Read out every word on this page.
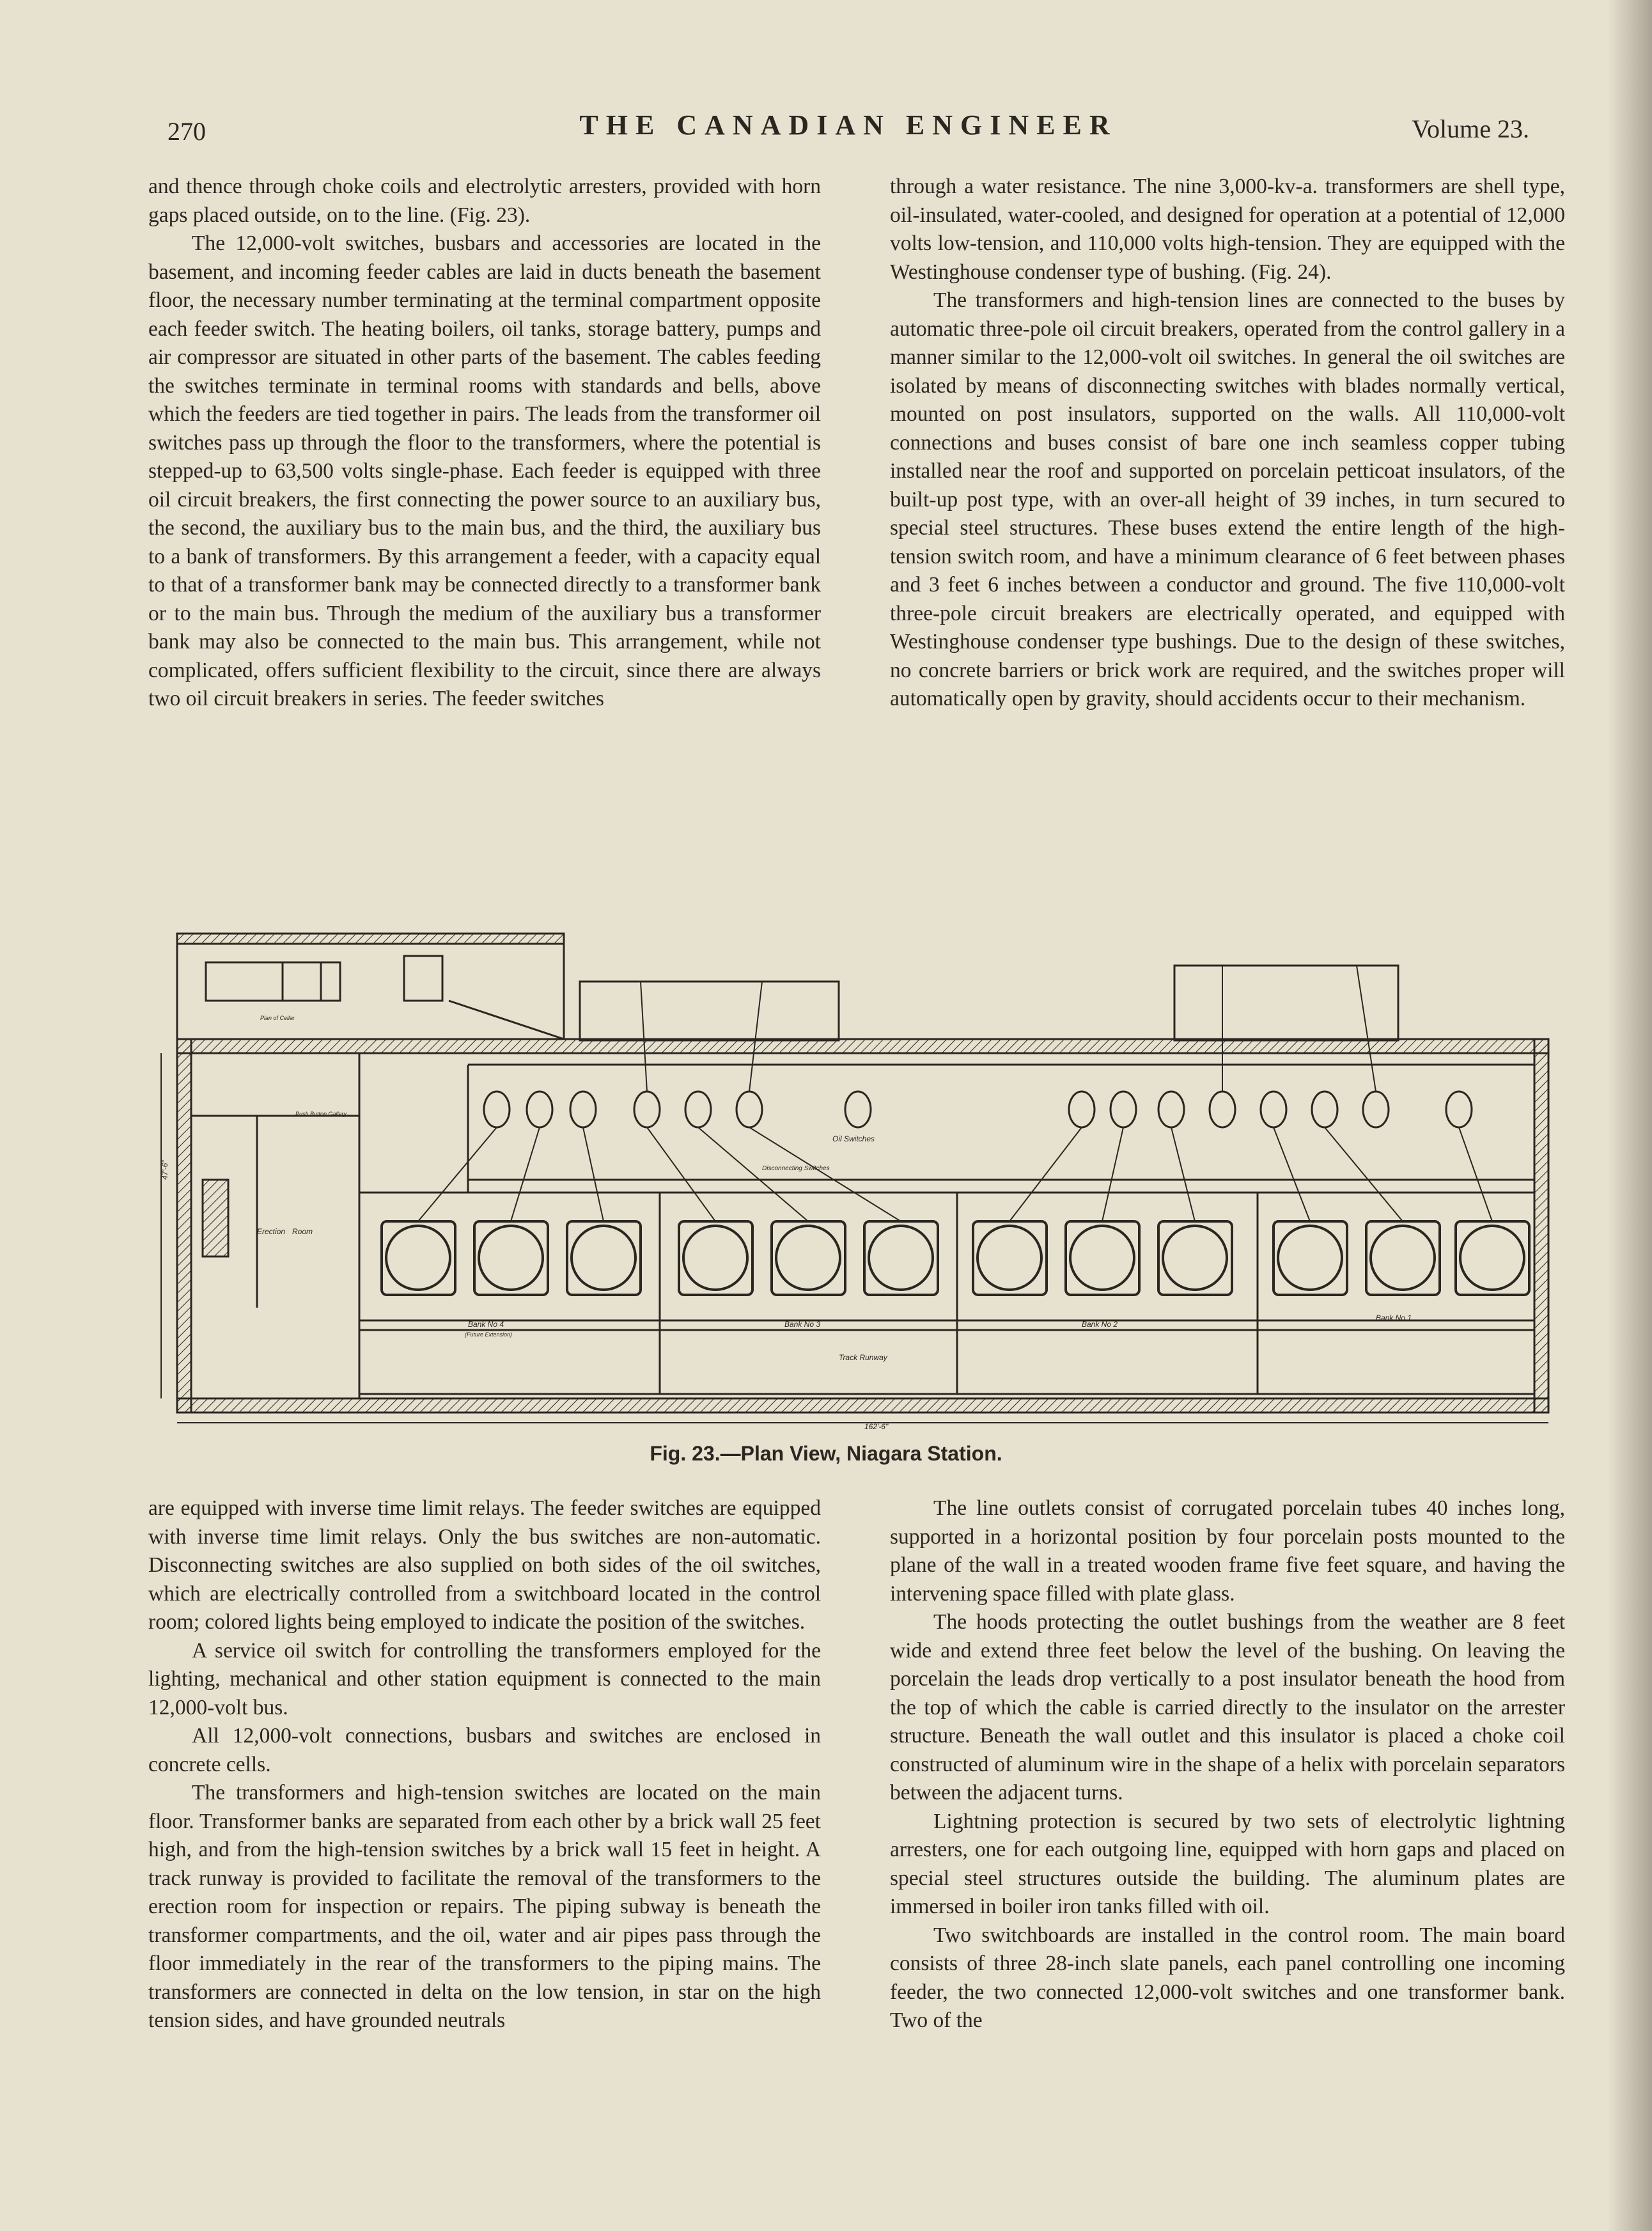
270	THE CANADIAN ENGINEER	Volume 23.

and thence through choke coils and electrolytic arresters, provided with horn gaps placed outside, on to the line. (Fig. 23).

The 12,000-volt switches, busbars and accessories are located in the basement, and incoming feeder cables are laid in ducts beneath the basement floor, the necessary number terminating at the terminal compartment opposite each feeder switch. The heating boilers, oil tanks, storage battery, pumps and air compressor are situated in other parts of the basement. The cables feeding the switches terminate in terminal rooms with standards and bells, above which the feeders are tied together in pairs. The leads from the transformer oil switches pass up through the floor to the transformers, where the potential is stepped-up to 63,500 volts single-phase. Each feeder is equipped with three oil circuit breakers, the first connecting the power source to an auxiliary bus, the second, the auxiliary bus to the main bus, and the third, the auxiliary bus to a bank of transformers. By this arrangement a feeder, with a capacity equal to that of a transformer bank may be connected directly to a transformer bank or to the main bus. Through the medium of the auxiliary bus a transformer bank may also be connected to the main bus. This arrangement, while not complicated, offers sufficient flexibility to the circuit, since there are always two oil circuit breakers in series. The feeder switches

through a water resistance. The nine 3,000-kv-a. transformers are shell type, oil-insulated, water-cooled, and designed for operation at a potential of 12,000 volts low-tension, and 110,000 volts high-tension. They are equipped with the Westinghouse condenser type of bushing. (Fig. 24).

The transformers and high-tension lines are connected to the buses by automatic three-pole oil circuit breakers, operated from the control gallery in a manner similar to the 12,000-volt oil switches. In general the oil switches are isolated by means of disconnecting switches with blades normally vertical, mounted on post insulators, supported on the walls. All 110,000-volt connections and buses consist of bare one inch seamless copper tubing installed near the roof and supported on porcelain petticoat insulators, of the built-up post type, with an over-all height of 39 inches, in turn secured to special steel structures. These buses extend the entire length of the high-tension switch room, and have a minimum clearance of 6 feet between phases and 3 feet 6 inches between a conductor and ground. The five 110,000-volt three-pole circuit breakers are electrically operated, and equipped with Westinghouse condenser type bushings. Due to the design of these switches, no concrete barriers or brick work are required, and the switches proper will automatically open by gravity, should accidents occur to their mechanism.

Erection Room
Bank No 4
(Future Extension)
Bank No 3	Bank No 2
Bank No 1
Track Runway
Oil Switches
Disconnecting Switches
162'-6"
47'-6"
Plan of Cellar
Push Button Gallery
Fig. 23.—Plan View, Niagara Station.

are equipped with inverse time limit relays. The feeder switches are equipped with inverse time limit relays. Only the bus switches are non-automatic. Disconnecting switches are also supplied on both sides of the oil switches, which are electrically controlled from a switchboard located in the control room; colored lights being employed to indicate the position of the switches.

A service oil switch for controlling the transformers employed for the lighting, mechanical and other station equipment is connected to the main 12,000-volt bus.

All 12,000-volt connections, busbars and switches are enclosed in concrete cells.

The transformers and high-tension switches are located on the main floor. Transformer banks are separated from each other by a brick wall 25 feet high, and from the high-tension switches by a brick wall 15 feet in height. A track runway is provided to facilitate the removal of the transformers to the erection room for inspection or repairs. The piping subway is beneath the transformer compartments, and the oil, water and air pipes pass through the floor immediately in the rear of the transformers to the piping mains. The transformers are connected in delta on the low tension, in star on the high tension sides, and have grounded neutrals

The line outlets consist of corrugated porcelain tubes 40 inches long, supported in a horizontal position by four porcelain posts mounted to the plane of the wall in a treated wooden frame five feet square, and having the intervening space filled with plate glass.

The hoods protecting the outlet bushings from the weather are 8 feet wide and extend three feet below the level of the bushing. On leaving the porcelain the leads drop vertically to a post insulator beneath the hood from the top of which the cable is carried directly to the insulator on the arrester structure. Beneath the wall outlet and this insulator is placed a choke coil constructed of aluminum wire in the shape of a helix with porcelain separators between the adjacent turns.

Lightning protection is secured by two sets of electrolytic lightning arresters, one for each outgoing line, equipped with horn gaps and placed on special steel structures outside the building. The aluminum plates are immersed in boiler iron tanks filled with oil.

Two switchboards are installed in the control room. The main board consists of three 28-inch slate panels, each panel controlling one incoming feeder, the two connected 12,000-volt switches and one transformer bank. Two of the
